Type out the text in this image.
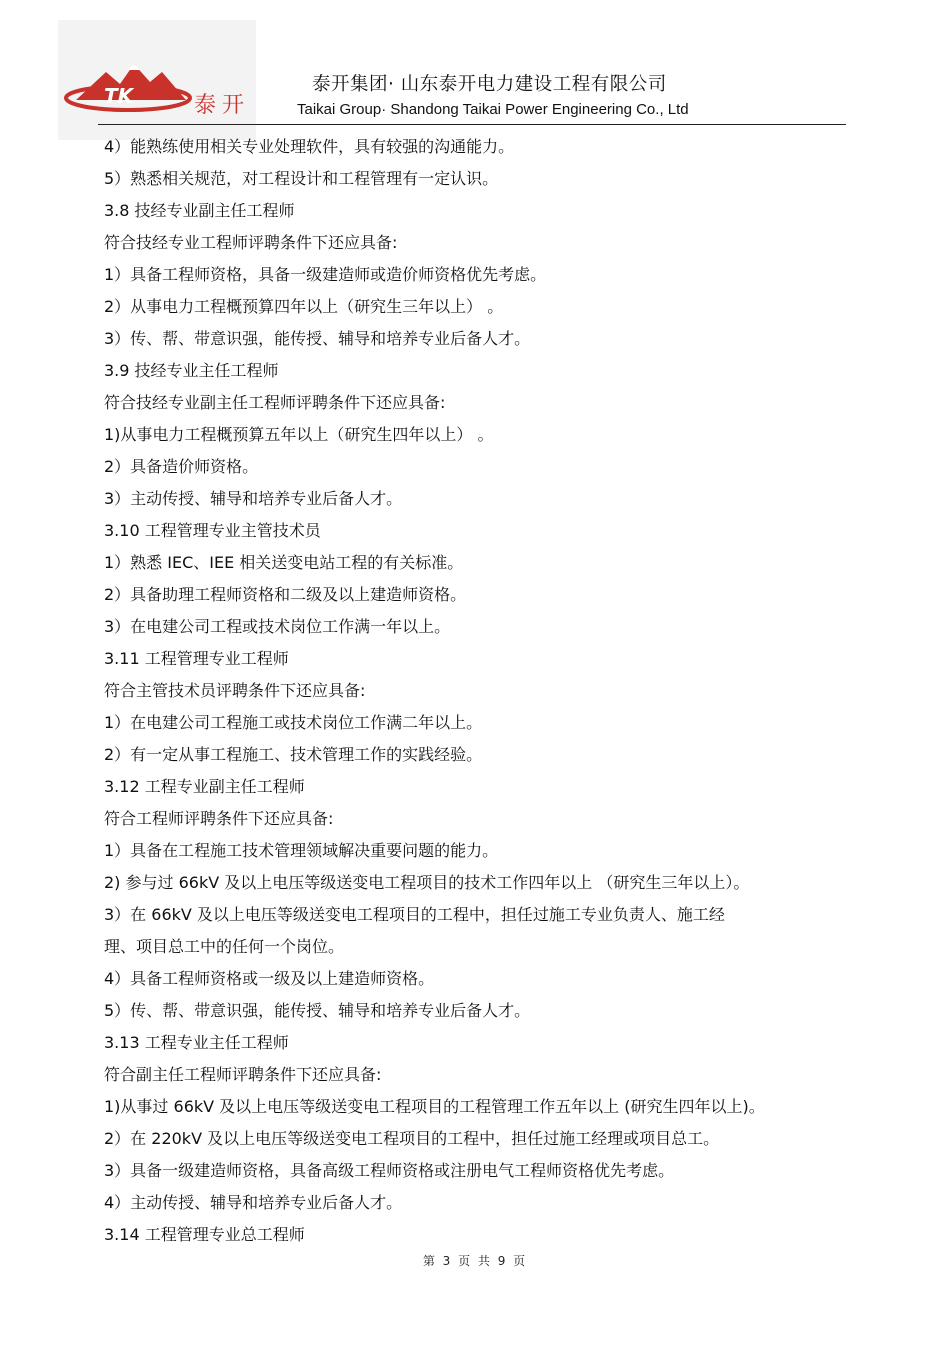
TK	泰开
泰开集团· 山东泰开电力建设工程有限公司
Taikai Group· Shandong Taikai Power Engineering Co., Ltd
4）能熟练使用相关专业处理软件，具有较强的沟通能力。
5）熟悉相关规范，对工程设计和工程管理有一定认识。
3.8 技经专业副主任工程师
符合技经专业工程师评聘条件下还应具备:
1）具备工程师资格，具备一级建造师或造价师资格优先考虑。
2）从事电力工程概预算四年以上（研究生三年以上） 。
3）传、帮、带意识强，能传授、辅导和培养专业后备人才。
3.9 技经专业主任工程师
符合技经专业副主任工程师评聘条件下还应具备:
1)从事电力工程概预算五年以上（研究生四年以上） 。
2）具备造价师资格。
3）主动传授、辅导和培养专业后备人才。
3.10 工程管理专业主管技术员
1）熟悉 IEC、IEE 相关送变电站工程的有关标准。
2）具备助理工程师资格和二级及以上建造师资格。
3）在电建公司工程或技术岗位工作满一年以上。
3.11 工程管理专业工程师
符合主管技术员评聘条件下还应具备:
1）在电建公司工程施工或技术岗位工作满二年以上。
2）有一定从事工程施工、技术管理工作的实践经验。
3.12 工程专业副主任工程师
符合工程师评聘条件下还应具备:
1）具备在工程施工技术管理领域解决重要问题的能力。
2) 参与过 66kV 及以上电压等级送变电工程项目的技术工作四年以上 （研究生三年以上）。
3）在 66kV 及以上电压等级送变电工程项目的工程中，担任过施工专业负责人、施工经
理、项目总工中的任何一个岗位。
4）具备工程师资格或一级及以上建造师资格。
5）传、帮、带意识强，能传授、辅导和培养专业后备人才。
3.13 工程专业主任工程师
符合副主任工程师评聘条件下还应具备:
1)从事过 66kV 及以上电压等级送变电工程项目的工程管理工作五年以上 (研究生四年以上)。
2）在 220kV 及以上电压等级送变电工程项目的工程中，担任过施工经理或项目总工。
3）具备一级建造师资格，具备高级工程师资格或注册电气工程师资格优先考虑。
4）主动传授、辅导和培养专业后备人才。
3.14 工程管理专业总工程师
第 3 页 共 9 页
